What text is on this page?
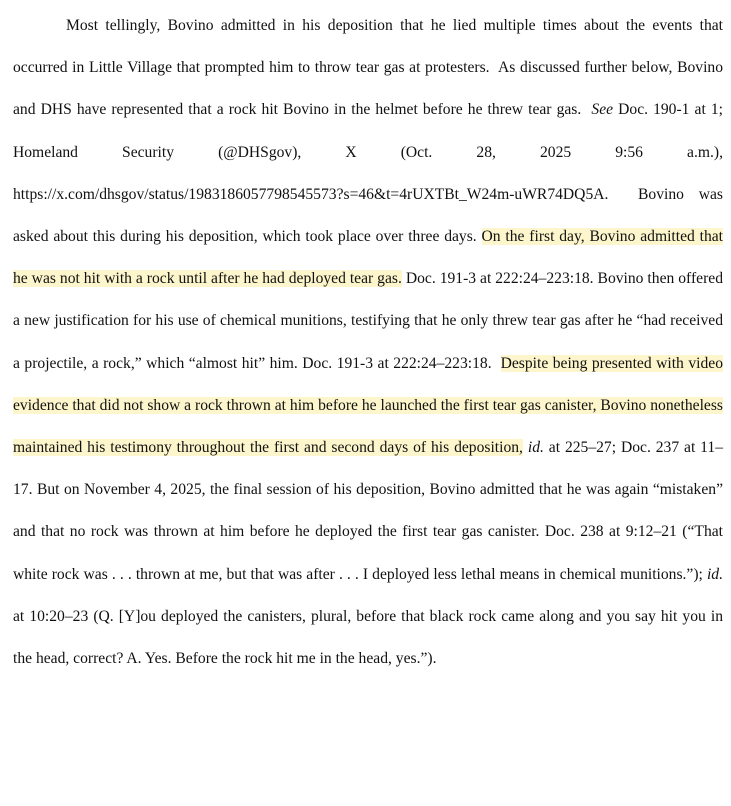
Most tellingly, Bovino admitted in his deposition that he lied multiple times about the events that occurred in Little Village that prompted him to throw tear gas at protesters. As discussed further below, Bovino and DHS have represented that a rock hit Bovino in the helmet before he threw tear gas. See Doc. 190-1 at 1; Homeland Security (@DHSgov), X (Oct. 28, 2025 9:56 a.m.), https://x.com/dhsgov/status/1983186057798545573?s=46&t=4rUXTBt_W24m-uWR74DQ5A. Bovino was asked about this during his deposition, which took place over three days. On the first day, Bovino admitted that he was not hit with a rock until after he had deployed tear gas. Doc. 191-3 at 222:24–223:18. Bovino then offered a new justification for his use of chemical munitions, testifying that he only threw tear gas after he “had received a projectile, a rock,” which “almost hit” him. Doc. 191-3 at 222:24–223:18. Despite being presented with video evidence that did not show a rock thrown at him before he launched the first tear gas canister, Bovino nonetheless maintained his testimony throughout the first and second days of his deposition, id. at 225–27; Doc. 237 at 11–17. But on November 4, 2025, the final session of his deposition, Bovino admitted that he was again “mistaken” and that no rock was thrown at him before he deployed the first tear gas canister. Doc. 238 at 9:12–21 (“That white rock was . . . thrown at me, but that was after . . . I deployed less lethal means in chemical munitions.”); id. at 10:20–23 (Q. [Y]ou deployed the canisters, plural, before that black rock came along and you say hit you in the head, correct? A. Yes. Before the rock hit me in the head, yes.”).
